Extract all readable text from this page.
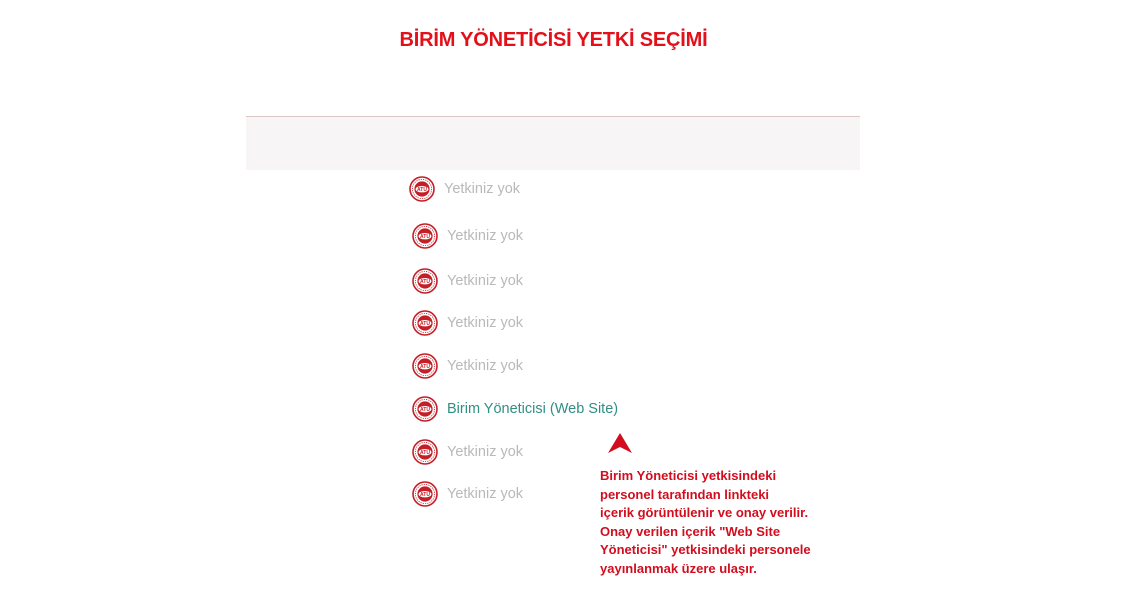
BİRİM YÖNETİCİSİ YETKİ SEÇİMİ
ATÜ Yetkiniz yok
ATÜ Yetkiniz yok
ATÜ Yetkiniz yok
ATÜ Yetkiniz yok
ATÜ Yetkiniz yok
ATÜ Birim Yöneticisi (Web Site)
ATÜ Yetkiniz yok
ATÜ Yetkiniz yok
Birim Yöneticisi yetkisindeki
personel tarafından linkteki
içerik görüntülenir ve onay verilir.
Onay verilen içerik "Web Site
Yöneticisi" yetkisindeki personele
yayınlanmak üzere ulaşır.
